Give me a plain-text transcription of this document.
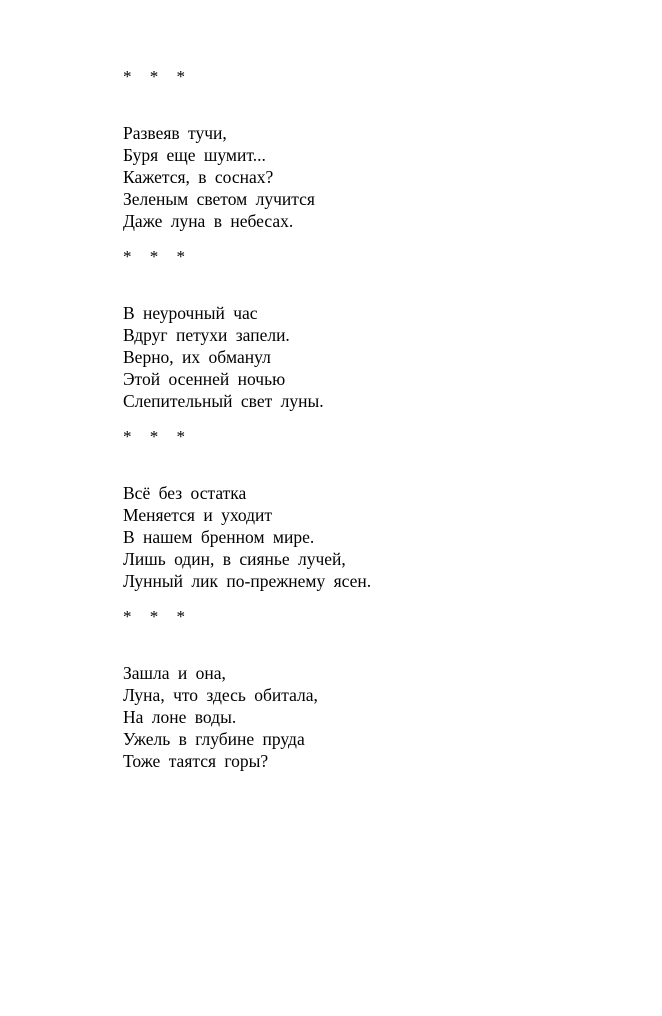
* * *
Развеяв тучи,
Буря еще шумит...
Кажется, в соснах?
Зеленым светом лучится
Даже луна в небесах.
* * *
В неурочный час
Вдруг петухи запели.
Верно, их обманул
Этой осенней ночью
Слепительный свет луны.
* * *
Всё без остатка
Меняется и уходит
В нашем бренном мире.
Лишь один, в сиянье лучей,
Лунный лик по-прежнему ясен.
* * *
Зашла и она,
Луна, что здесь обитала,
На лоне воды.
Ужель в глубине пруда
Тоже таятся горы?
